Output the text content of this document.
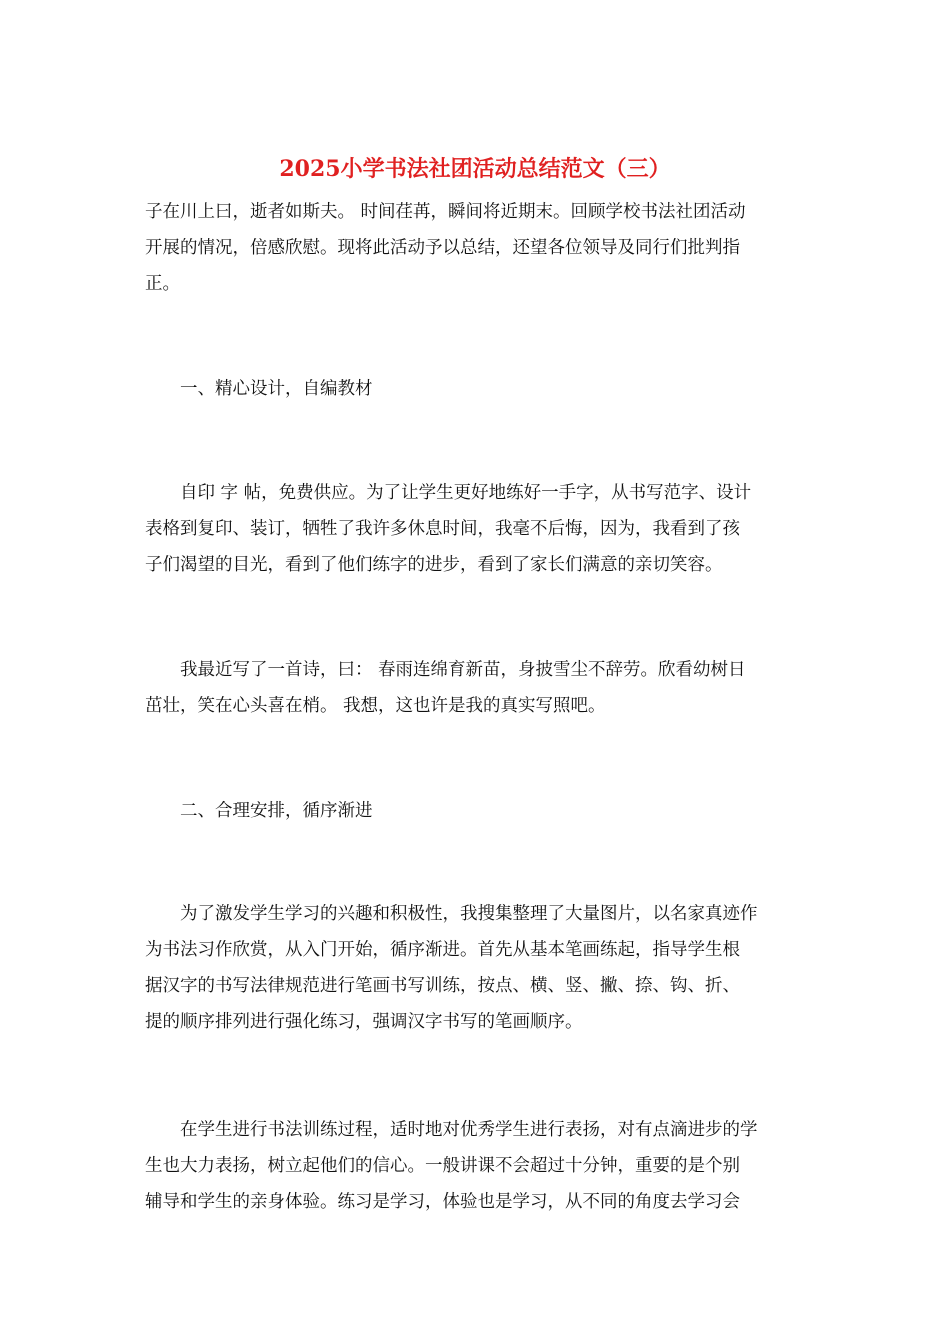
2025小学书法社团活动总结范文（三）
子在川上曰，逝者如斯夫。 时间荏苒，瞬间将近期末。回顾学校书法社团活动
开展的情况，倍感欣慰。现将此活动予以总结，还望各位领导及同行们批判指
正。
　　一、精心设计，自编教材
　　自印 字 帖，免费供应。为了让学生更好地练好一手字，从书写范字、设计
表格到复印、装订，牺牲了我许多休息时间，我毫不后悔，因为，我看到了孩
子们渴望的目光，看到了他们练字的进步，看到了家长们满意的亲切笑容。
　　我最近写了一首诗，曰： 春雨连绵育新苗，身披雪尘不辞劳。欣看幼树日
茁壮，笑在心头喜在梢。 我想，这也许是我的真实写照吧。
　　二、合理安排，循序渐进
　　为了激发学生学习的兴趣和积极性，我搜集整理了大量图片，以名家真迹作
为书法习作欣赏，从入门开始，循序渐进。首先从基本笔画练起，指导学生根
据汉字的书写法律规范进行笔画书写训练，按点、横、竖、撇、捺、钩、折、
提的顺序排列进行强化练习，强调汉字书写的笔画顺序。
　　在学生进行书法训练过程，适时地对优秀学生进行表扬，对有点滴进步的学
生也大力表扬，树立起他们的信心。一般讲课不会超过十分钟，重要的是个别
辅导和学生的亲身体验。练习是学习，体验也是学习，从不同的角度去学习会
